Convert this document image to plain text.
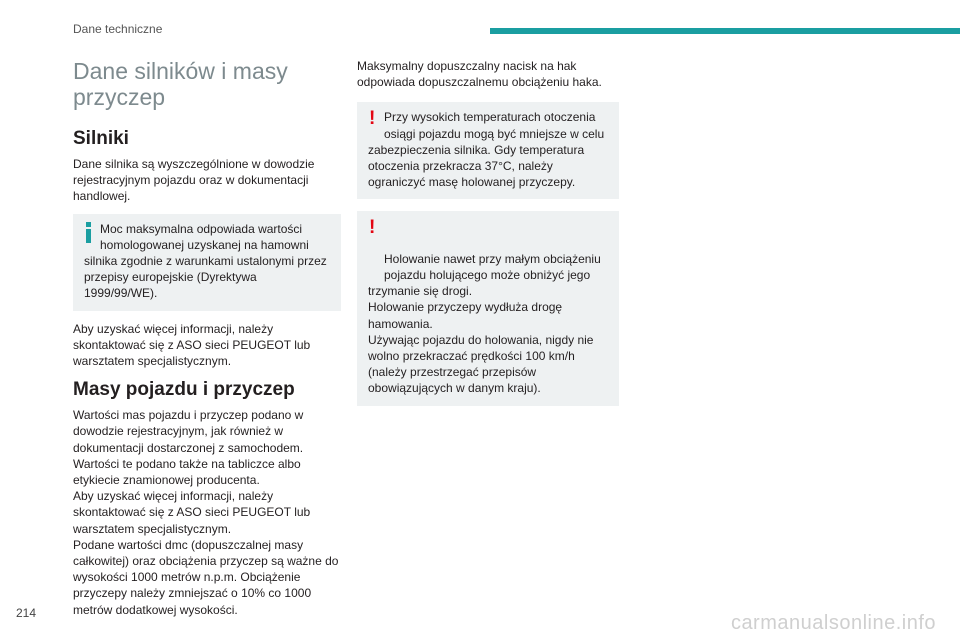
Dane techniczne
Dane silników i masy przyczep
Silniki

Dane silnika są wyszczególnione w dowodzie rejestracyjnym pojazdu oraz w dokumentacji handlowej.

Moc maksymalna odpowiada wartości homologowanej uzyskanej na hamowni
silnika zgodnie z warunkami ustalonymi przez przepisy europejskie (Dyrektywa 1999/99/WE).

Aby uzyskać więcej informacji, należy skontaktować się z ASO sieci PEUGEOT lub warsztatem specjalistycznym.

Masy pojazdu i przyczep

Wartości mas pojazdu i przyczep podano w dowodzie rejestracyjnym, jak również w dokumentacji dostarczonej z samochodem.
Wartości te podano także na tabliczce albo etykiecie znamionowej producenta.
Aby uzyskać więcej informacji, należy skontaktować się z ASO sieci PEUGEOT lub warsztatem specjalistycznym.
Podane wartości dmc (dopuszczalnej masy całkowitej) oraz obciążenia przyczep są ważne do wysokości 1000 metrów n.p.m. Obciążenie przyczepy należy zmniejszać o 10% co 1000 metrów dodatkowej wysokości.

Maksymalny dopuszczalny nacisk na hak odpowiada dopuszczalnemu obciążeniu haka.

! Przy wysokich temperaturach otoczenia osiągi pojazdu mogą być mniejsze w celu
zabezpieczenia silnika. Gdy temperatura otoczenia przekracza 37°C, należy ograniczyć masę holowanej przyczepy.

!

Holowanie nawet przy małym obciążeniu pojazdu holującego może obniżyć jego
trzymanie się drogi.
Holowanie przyczepy wydłuża drogę hamowania.
Używając pojazdu do holowania, nigdy nie wolno przekraczać prędkości 100 km/h (należy przestrzegać przepisów obowiązujących w danym kraju).

214	carmanualsonline.info
